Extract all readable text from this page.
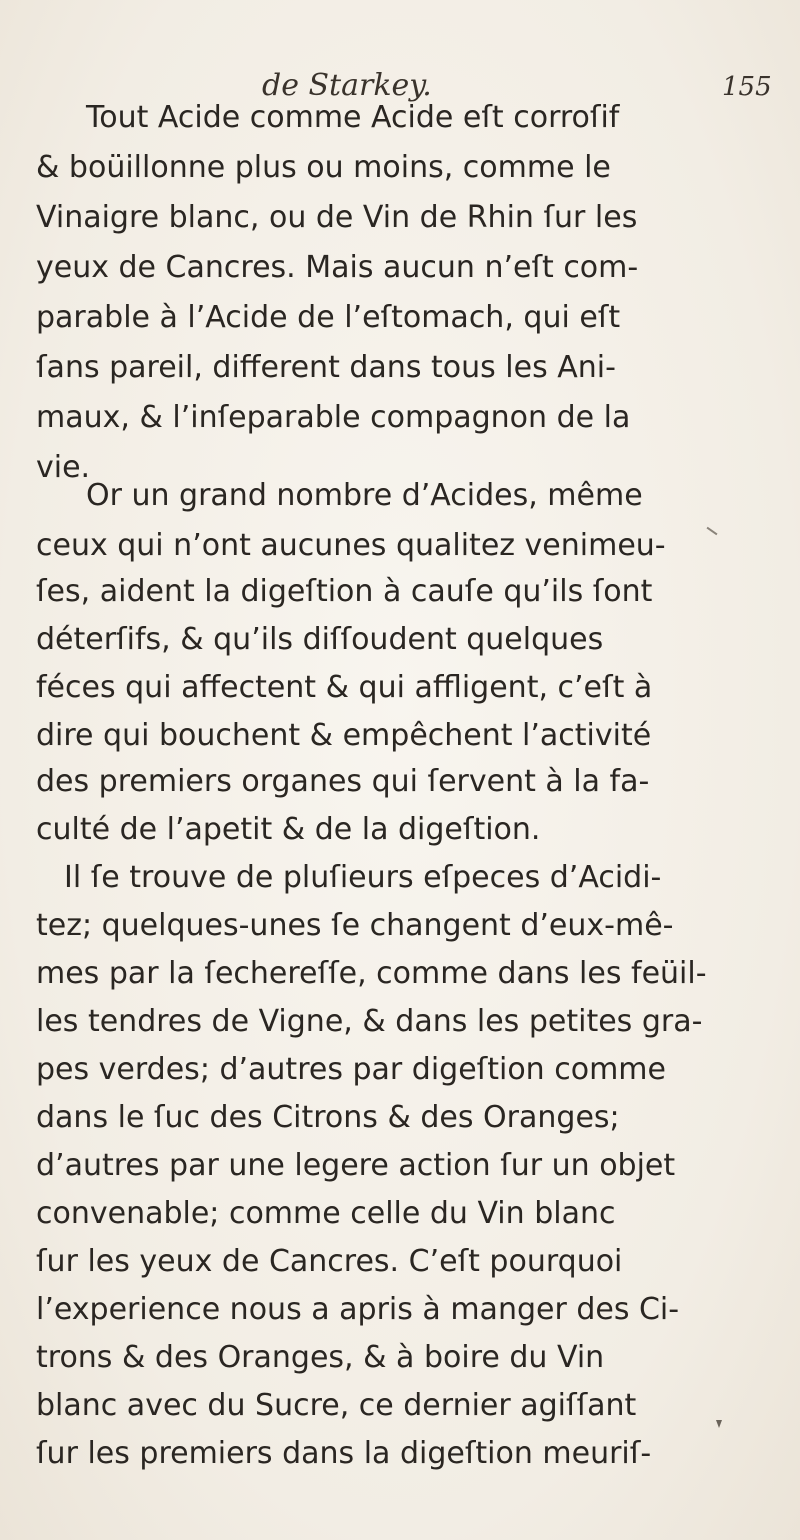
de Starkey.	155
Tout Acide comme Acide eſt corroſif
& boüillonne plus ou moins, comme le
Vinaigre blanc, ou de Vin de Rhin ſur les
yeux de Cancres. Mais aucun n’eſt com-
parable à l’Acide de l’eſtomach, qui eſt
ſans pareil, different dans tous les Ani-
maux, & l’inſeparable compagnon de la
vie.
Or un grand nombre d’Acides, même
ceux qui n’ont aucunes qualitez venimeu-
ſes, aident la digeſtion à cauſe qu’ils ſont
déterſifs, & qu’ils diſſoudent quelques
féces qui affectent & qui affligent, c’eſt à
dire qui bouchent & empêchent l’activité
des premiers organes qui ſervent à la fa-
culté de l’apetit & de la digeſtion.
Il ſe trouve de pluſieurs eſpeces d’Acidi-
tez; quelques-unes ſe changent d’eux-mê-
mes par la ſechereſſe, comme dans les feüil-
les tendres de Vigne, & dans les petites gra-
pes verdes; d’autres par digeſtion comme
dans le ſuc des Citrons & des Oranges;
d’autres par une legere action ſur un objet
convenable; comme celle du Vin blanc
ſur les yeux de Cancres. C’eſt pourquoi
l’experience nous a apris à manger des Ci-
trons & des Oranges, & à boire du Vin
blanc avec du Sucre, ce dernier agiſſant
ſur les premiers dans la digeſtion meuriſ-
